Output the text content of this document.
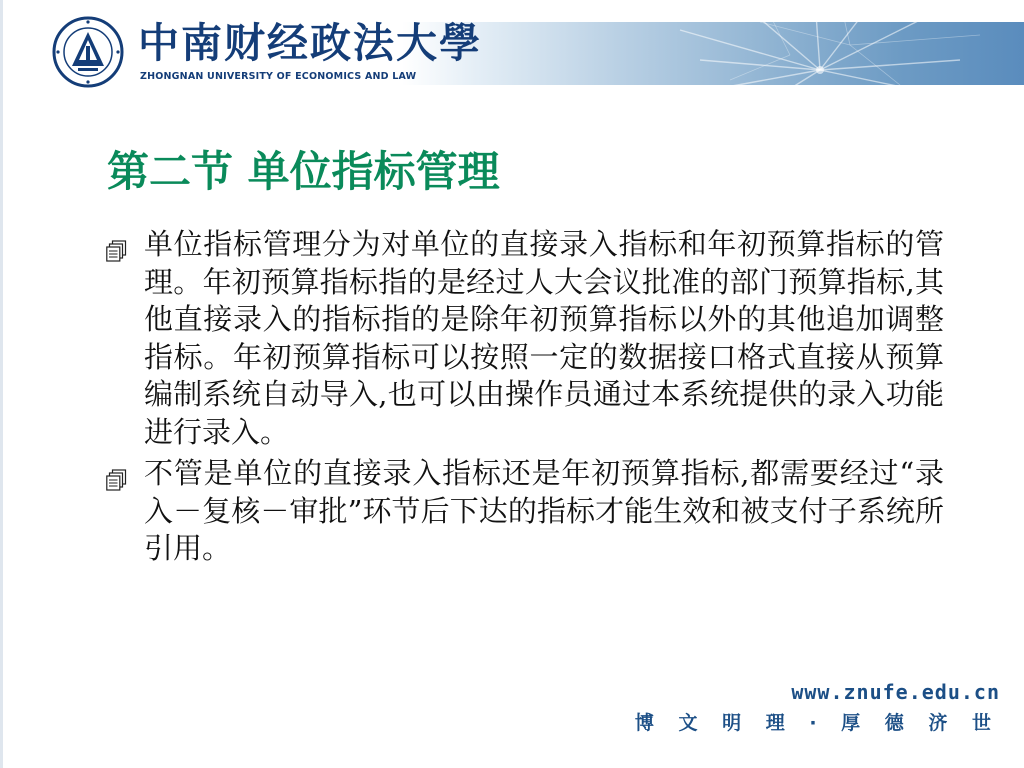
中南财经政法大學
ZHONGNAN UNIVERSITY OF ECONOMICS AND LAW
第二节 单位指标管理
单位指标管理分为对单位的直接录入指标和年初预算指标的管理。年初预算指标指的是经过人大会议批准的部门预算指标,其他直接录入的指标指的是除年初预算指标以外的其他追加调整指标。年初预算指标可以按照一定的数据接口格式直接从预算编制系统自动导入,也可以由操作员通过本系统提供的录入功能进行录入。
不管是单位的直接录入指标还是年初预算指标,都需要经过“录入－复核－审批”环节后下达的指标才能生效和被支付子系统所引用。
www.znufe.edu.cn
博 文 明 理 · 厚 德 济 世
